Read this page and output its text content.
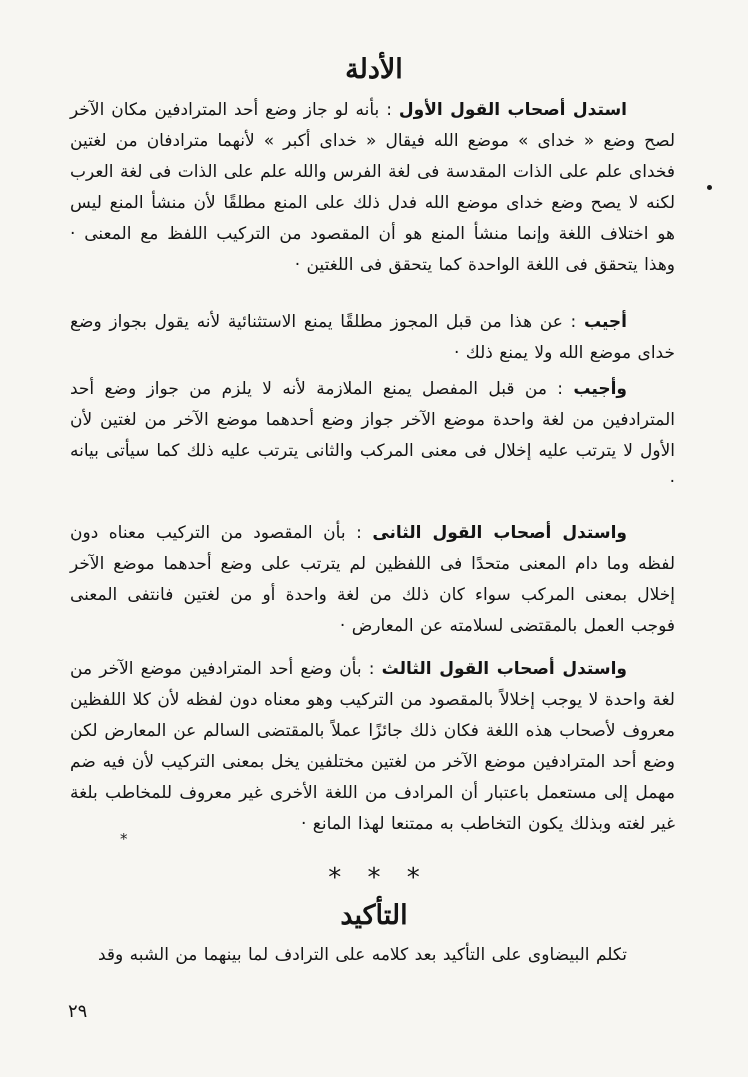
الأدلة

استدل أصحاب القول الأول : بأنه لو جاز وضع أحد المترادفين مكان الآخر لصح وضع « خداى » موضع الله فيقال « خداى أكبر » لأنهما مترادفان من لغتين فخداى علم على الذات المقدسة فى لغة الفرس والله علم على الذات فى لغة العرب لكنه لا يصح وضع خداى موضع الله فدل ذلك على المنع مطلقًا لأن منشأ المنع ليس هو اختلاف اللغة وإنما منشأ المنع هو أن المقصود من التركيب اللفظ مع المعنى · وهذا يتحقق فى اللغة الواحدة كما يتحقق فى اللغتين ·

أجيب : عن هذا من قبل المجوز مطلقًا يمنع الاستثنائية لأنه يقول بجواز وضع خداى موضع الله ولا يمنع ذلك ·

وأجيب : من قبل المفصل يمنع الملازمة لأنه لا يلزم من جواز وضع أحد المترادفين من لغة واحدة موضع الآخر جواز وضع أحدهما موضع الآخر من لغتين لأن الأول لا يترتب عليه إخلال فى معنى المركب والثانى يترتب عليه ذلك كما سيأتى بيانه ·

واستدل أصحاب القول الثانى : بأن المقصود من التركيب معناه دون لفظه وما دام المعنى متحدًا فى اللفظين لم يترتب على وضع أحدهما موضع الآخر إخلال بمعنى المركب سواء كان ذلك من لغة واحدة أو من لغتين فانتفى المعنى فوجب العمل بالمقتضى لسلامته عن المعارض ·

واستدل أصحاب القول الثالث : بأن وضع أحد المترادفين موضع الآخر من لغة واحدة لا يوجب إخلالاً بالمقصود من التركيب وهو معناه دون لفظه لأن كلا اللفظين معروف لأصحاب هذه اللغة فكان ذلك جائزًا عملاً بالمقتضى السالم عن المعارض لكن وضع أحد المترادفين موضع الآخر من لغتين مختلفين يخل بمعنى التركيب لأن فيه ضم مهمل إلى مستعمل باعتبار أن المرادف من اللغة الأخرى غير معروف للمخاطب بلغة غير لغته وبذلك يكون التخاطب به ممتنعا لهذا المانع ·

*
* * *
التأكيد

تكلم البيضاوى على التأكيد بعد كلامه على الترادف لما بينهما من الشبه وقد

٢٩
